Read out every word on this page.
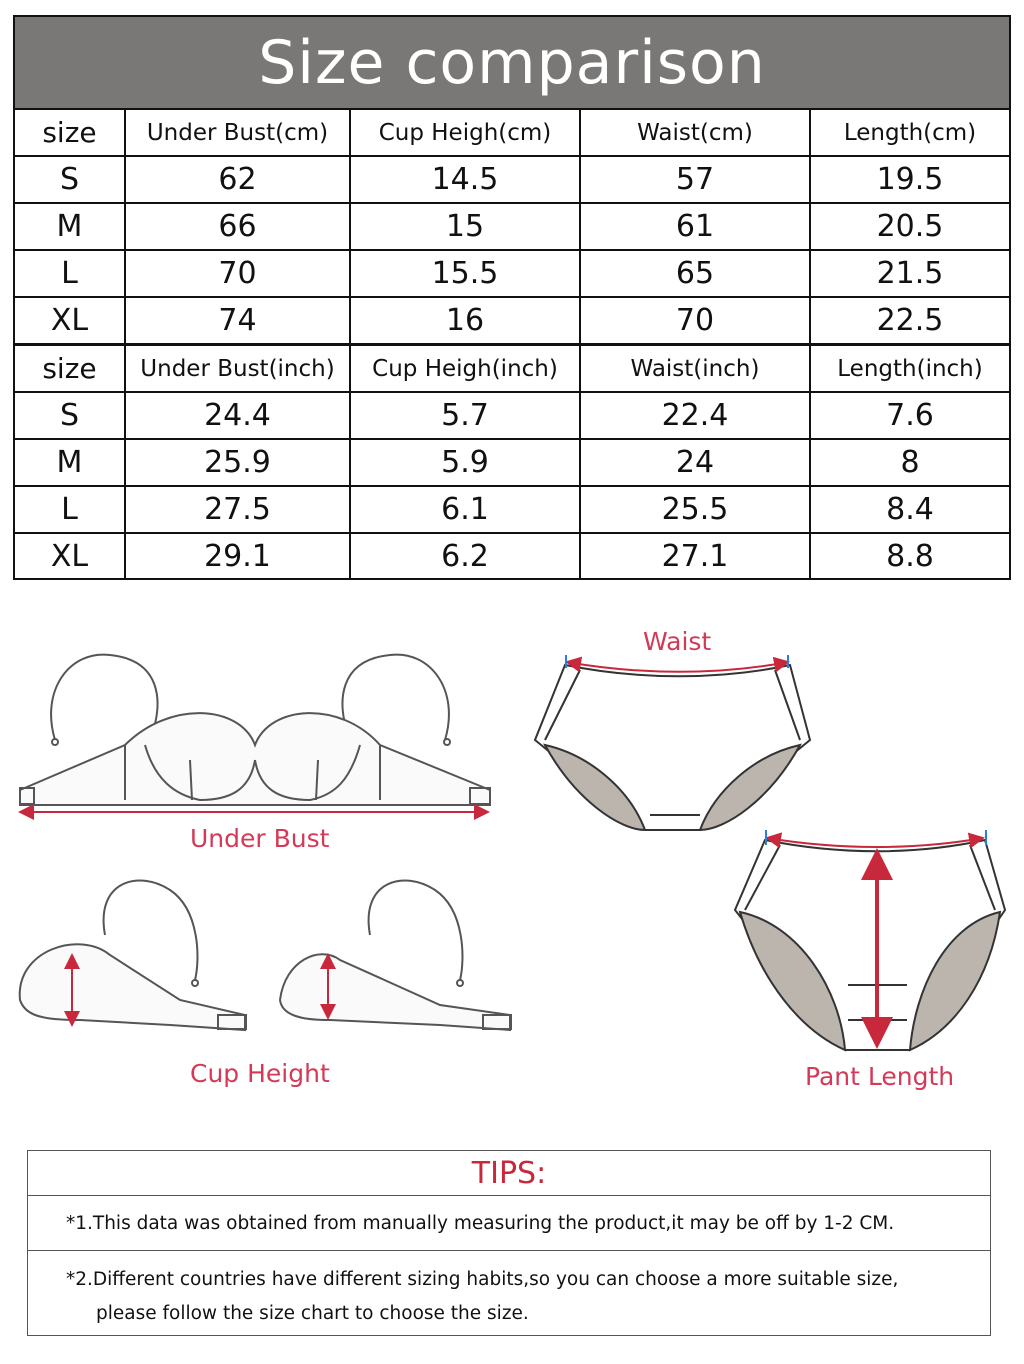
Size comparison
size	Under Bust(cm)	Cup Heigh(cm)	Waist(cm)	Length(cm)
S	62	14.5	57	19.5
M	66	15	61	20.5
L	70	15.5	65	21.5
XL	74	16	70	22.5
size	Under Bust(inch)	Cup Heigh(inch)	Waist(inch)	Length(inch)
S	24.4	5.7	22.4	7.6
M	25.9	5.9	24	8
L	27.5	6.1	25.5	8.4
XL	29.1	6.2	27.1	8.8
Under Bust
Cup Height
Waist
Pant Length
TIPS:
*1.This data was obtained from manually measuring the product,it may be off by 1-2 CM.
*2.Different countries have different sizing habits,so you can choose a more suitable size,
please follow the size chart to choose the size.
